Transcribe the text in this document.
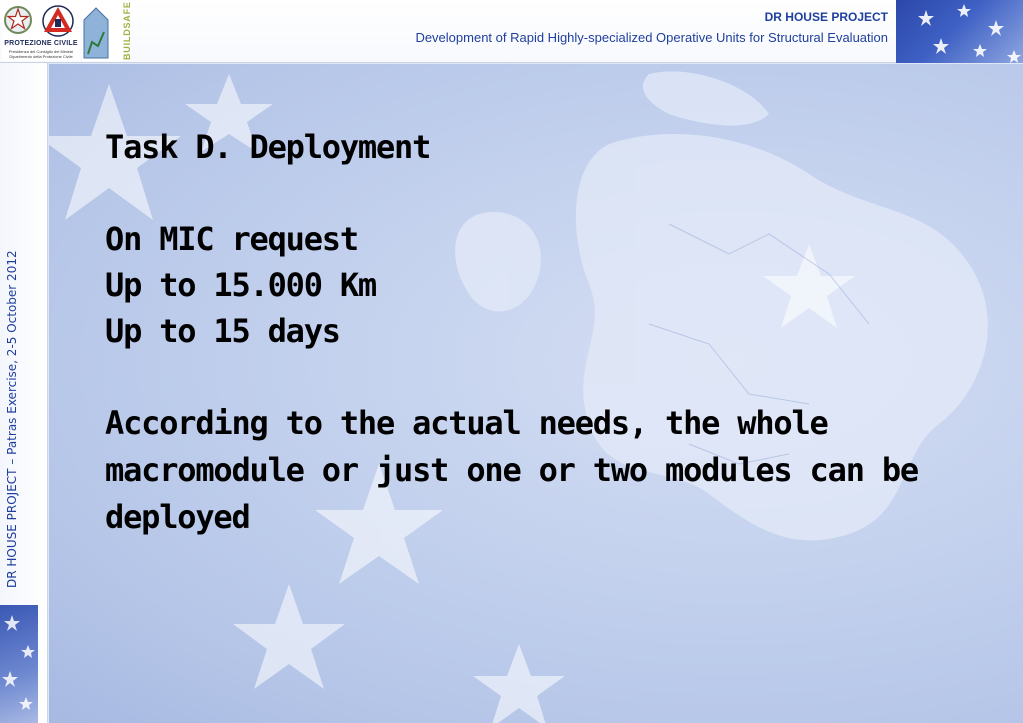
PROTEZIONE CIVILE
Presidenza del Consiglio dei Ministri Dipartimento della Protezione Civile	BUILDSAFE	DR HOUSE PROJECT
Development of Rapid Highly-specialized Operative Units for Structural Evaluation
DR HOUSE PROJECT – Patras Exercise, 2-5 October 2012
Task D. Deployment
On MIC request
Up to 15.000 Km
Up to 15 days
According to the actual needs, the whole macromodule or just one or two modules can be deployed
